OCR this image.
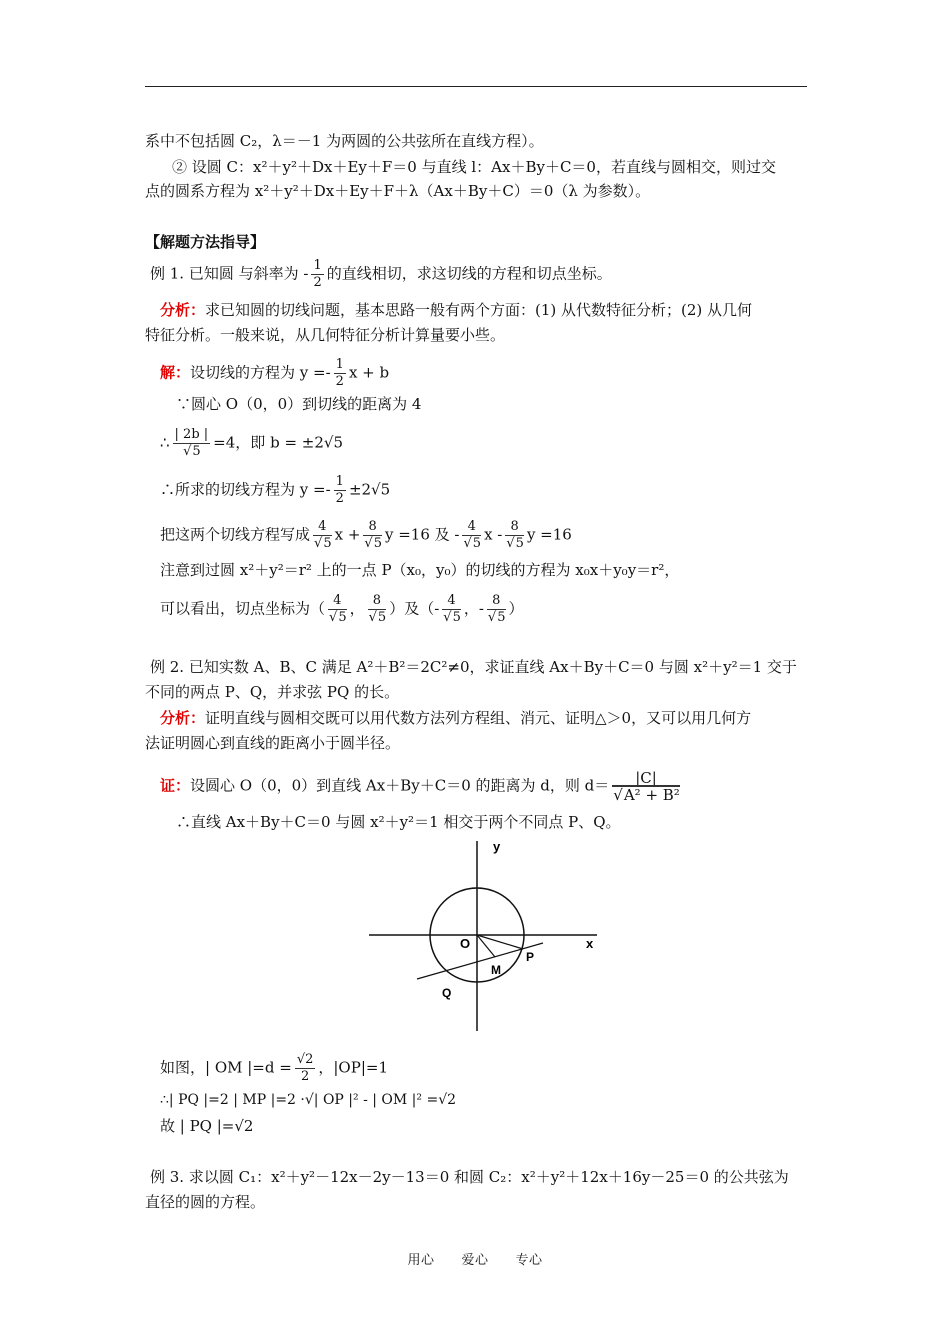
系中不包括圆 C₂，λ＝－1 为两圆的公共弦所在直线方程）。
② 设圆 C：x²＋y²＋Dx＋Ey＋F＝0 与直线 l：Ax＋By＋C＝0，若直线与圆相交，则过交
点的圆系方程为 x²＋y²＋Dx＋Ey＋F＋λ（Ax＋By＋C）＝0（λ 为参数）。
【解题方法指导】
例 1. 已知圆 与斜率为 - $\frac{1}{2}$ 的直线相切，求这切线的方程和切点坐标。
分析：求已知圆的切线问题，基本思路一般有两个方面：(1) 从代数特征分析；(2) 从几何
特征分析。一般来说，从几何特征分析计算量要小些。
解：设切线的方程为 $y =- \frac{1}{2}$ x + b
∵圆心 O（0，0）到切线的距离为 4
∴ | 2b |
√ 5 =4，即 b = ±2√5
∴所求的切线方程为 $y =- \frac{1}{2} \pm 2√5$
把这两个切线方程写成 4
√ 5 x + 8
√ 5 y =16 及 - 4
√ 5 x - 8
√ 5 y =16
注意到过圆 x²＋y²＝r² 上的一点 P（x₀，y₀）的切线的方程为 x₀x＋y₀y＝r²，
可以看出，切点坐标为（ 4
√ 5 ， 8
√ 5 ）及（- 4
√ 5 ，- 8
√ 5 ）
例 2. 已知实数 A、B、C 满足 A²＋B²＝2C²≠0，求证直线 Ax＋By＋C＝0 与圆 x²＋y²＝1 交于
不同的两点 P、Q，并求弦 PQ 的长。
分析：证明直线与圆相交既可以用代数方法列方程组、消元、证明△＞0，又可以用几何方
法证明圆心到直线的距离小于圆半径。
证：设圆心 O（0，0）到直线 Ax＋By＋C＝0 的距离为 d，则 d＝ |C|
√ A² + B²
∴直线 Ax＋By＋C＝0 与圆 x²＋y²＝1 相交于两个不同点 P、Q。
y
x
O
P
M
Q
如图，| OM $|=d = \frac{√2}{2}$ ，|OP|=1
∴| PQ |=2 | MP |=2 ·√| OP |² - | OM |² =√2
故 | PQ |=√2
例 3. 求以圆 C₁：x²＋y²－12x－2y－13＝0 和圆 C₂：x²＋y²＋12x＋16y－25＝0 的公共弦为
直径的圆的方程。
用心　　爱心　　专心
